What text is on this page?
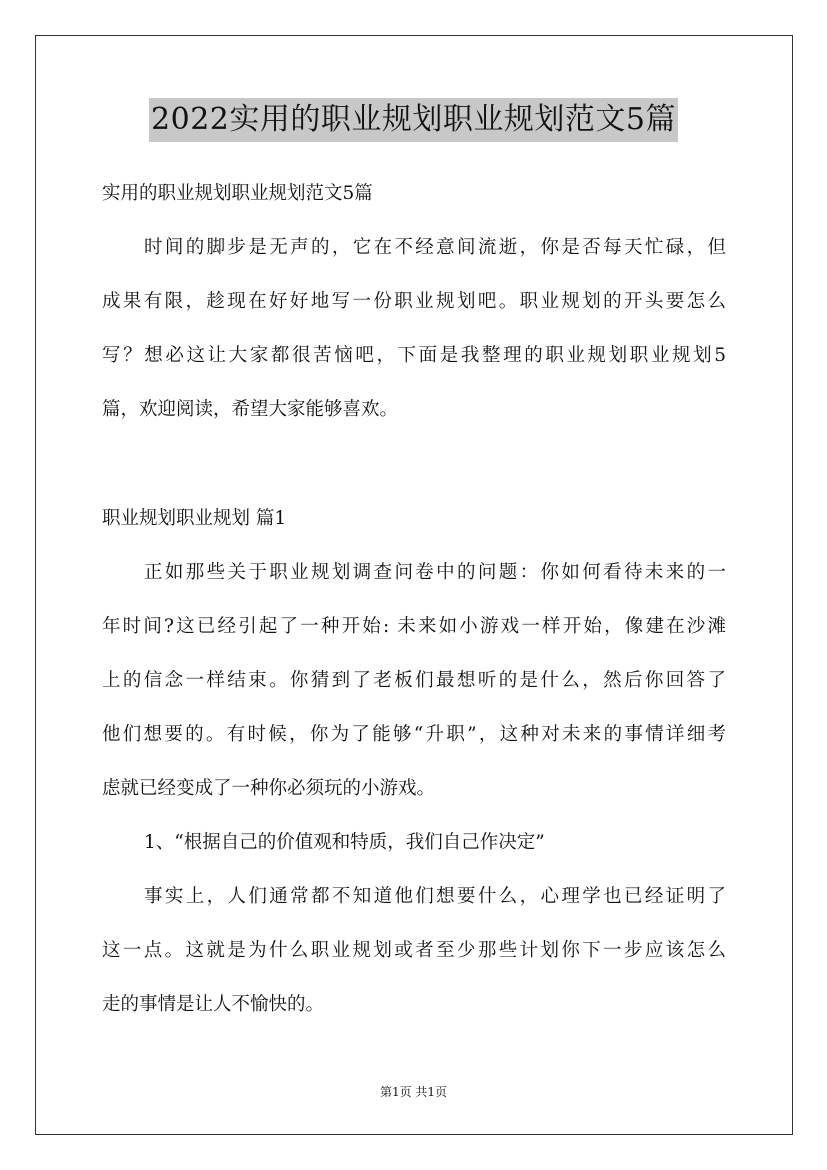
2022实用的职业规划职业规划范文5篇
实用的职业规划职业规划范文5篇
时间的脚步是无声的，它在不经意间流逝，你是否每天忙碌，但
成果有限，趁现在好好地写一份职业规划吧。职业规划的开头要怎么
写？想必这让大家都很苦恼吧，下面是我整理的职业规划职业规划5
篇，欢迎阅读，希望大家能够喜欢。
职业规划职业规划 篇1
正如那些关于职业规划调查问卷中的问题：你如何看待未来的一
年时间?这已经引起了一种开始: 未来如小游戏一样开始，像建在沙滩
上的信念一样结束。你猜到了老板们最想听的是什么，然后你回答了
他们想要的。有时候，你为了能够“升职”，这种对未来的事情详细考
虑就已经变成了一种你必须玩的小游戏。
1、“根据自己的价值观和特质，我们自己作决定”
事实上，人们通常都不知道他们想要什么，心理学也已经证明了
这一点。这就是为什么职业规划或者至少那些计划你下一步应该怎么
走的事情是让人不愉快的。
第1页 共1页
